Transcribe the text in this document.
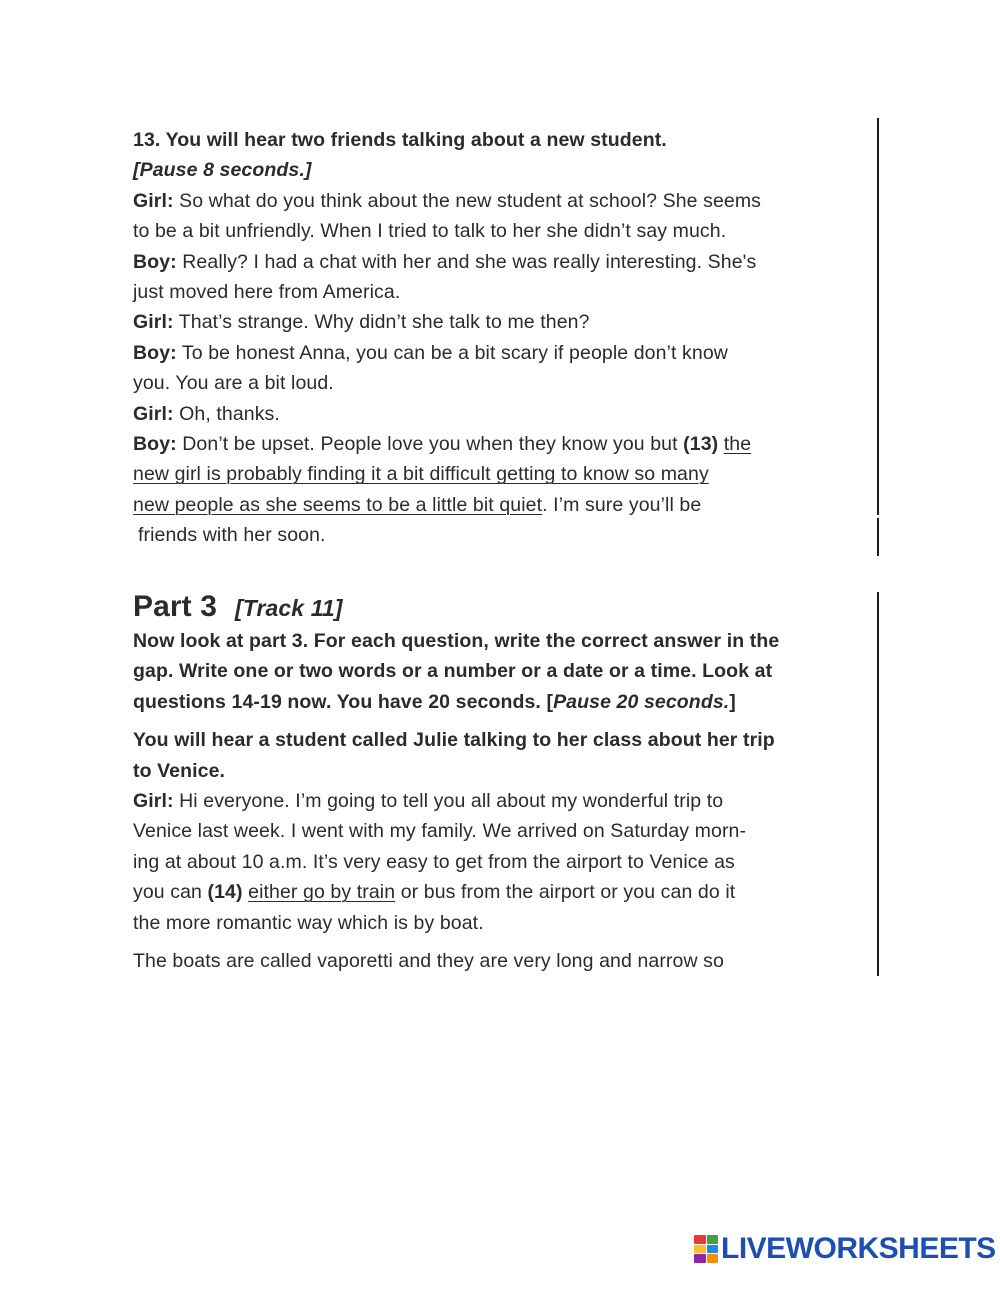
13. You will hear two friends talking about a new student.
[Pause 8 seconds.]
Girl: So what do you think about the new student at school? She seems
to be a bit unfriendly. When I tried to talk to her she didn’t say much.
Boy: Really? I had a chat with her and she was really interesting. She's
just moved here from America.
Girl: That’s strange. Why didn’t she talk to me then?
Boy: To be honest Anna, you can be a bit scary if people don’t know
you. You are a bit loud.
Girl: Oh, thanks.
Boy: Don’t be upset. People love you when they know you but (13) the
new girl is probably finding it a bit difficult getting to know so many
new people as she seems to be a little bit quiet. I’m sure you’ll be
friends with her soon.
Part 3 [Track 11]
Now look at part 3. For each question, write the correct answer in the
gap. Write one or two words or a number or a date or a time. Look at
questions 14-19 now. You have 20 seconds. [Pause 20 seconds.]
You will hear a student called Julie talking to her class about her trip
to Venice.
Girl: Hi everyone. I’m going to tell you all about my wonderful trip to
Venice last week. I went with my family. We arrived on Saturday morn-
ing at about 10 a.m. It’s very easy to get from the airport to Venice as
you can (14) either go by train or bus from the airport or you can do it
the more romantic way which is by boat.
The boats are called vaporetti and they are very long and narrow so
LIVEWORKSHEETS
